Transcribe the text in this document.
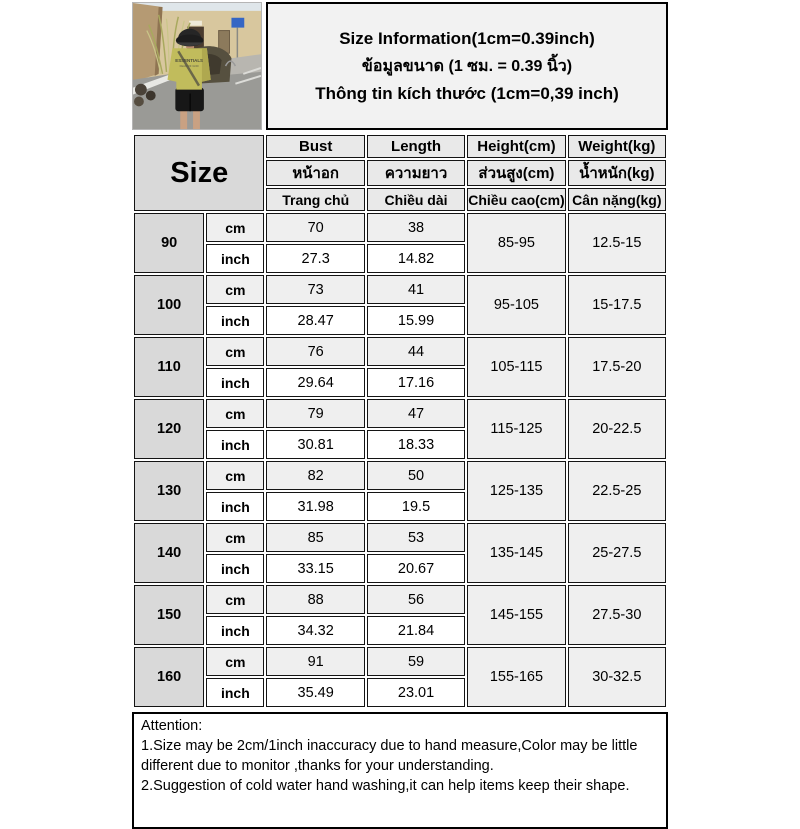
ESSENTIALS
FEAR OF GOD
Size Information(1cm=0.39inch)
ข้อมูลขนาด (1 ซม. = 0.39 นิ้ว)
Thông tin kích thước (1cm=0,39 inch)
Size		Bust	Length	Height(cm)	Weight(kg)
		หน้าอก	ความยาว	ส่วนสูง(cm)	น้ำหนัก(kg)
		Trang chủ	Chiều dài	Chiều cao(cm)	Cân nặng(kg)
90	cm	70	38	85-95	12.5-15
	inch	27.3	14.82		
100	cm	73	41	95-105	15-17.5
	inch	28.47	15.99		
110	cm	76	44	105-115	17.5-20
	inch	29.64	17.16		
120	cm	79	47	115-125	20-22.5
	inch	30.81	18.33		
130	cm	82	50	125-135	22.5-25
	inch	31.98	19.5		
140	cm	85	53	135-145	25-27.5
	inch	33.15	20.67		
150	cm	88	56	145-155	27.5-30
	inch	34.32	21.84		
160	cm	91	59	155-165	30-32.5
	inch	35.49	23.01		
Attention:
1.Size may be 2cm/1inch inaccuracy due to hand measure,Color may be little different due to monitor ,thanks for your understanding.
2.Suggestion of cold water hand washing,it can help items keep their shape.
